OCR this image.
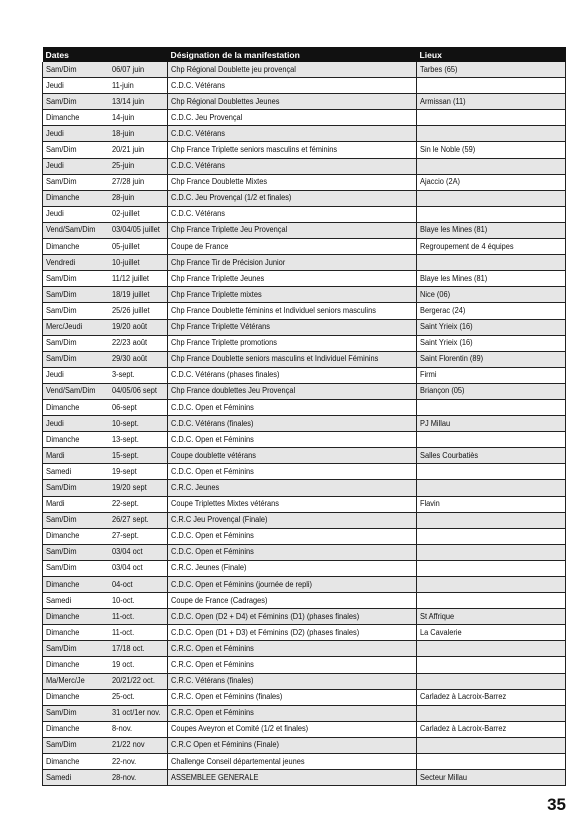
Dates		Désignation de la manifestation	Lieux
Sam/Dim	06/07 juin	Chp Régional Doublette jeu provençal	Tarbes (65)
Jeudi	11-juin	C.D.C. Vétérans	
Sam/Dim	13/14 juin	Chp Régional Doublettes Jeunes	Armissan (11)
Dimanche	14-juin	C.D.C. Jeu Provençal	
Jeudi	18-juin	C.D.C. Vétérans	
Sam/Dim	20/21 juin	Chp France Triplette seniors masculins et féminins	Sin le Noble (59)
Jeudi	25-juin	C.D.C. Vétérans	
Sam/Dim	27/28 juin	Chp France Doublette Mixtes	Ajaccio (2A)
Dimanche	28-juin	C.D.C. Jeu Provençal (1/2 et finales)	
Jeudi	02-juillet	C.D.C. Vétérans	
Vend/Sam/Dim	03/04/05 juillet	Chp France Triplette Jeu Provençal	Blaye les Mines (81)
Dimanche	05-juillet	Coupe de France	Regroupement de 4 équipes
Vendredi	10-juillet	Chp France Tir de Précision Junior	
Sam/Dim	11/12 juillet	Chp France Triplette Jeunes	Blaye les Mines (81)
Sam/Dim	18/19 juillet	Chp France Triplette mixtes	Nice (06)
Sam/Dim	25/26 juillet	Chp France Doublette féminins et Individuel seniors masculins	Bergerac (24)
Merc/Jeudi	19/20 août	Chp France Triplette Vétérans	Saint Yrieix (16)
Sam/Dim	22/23 août	Chp France Triplette promotions	Saint Yrieix (16)
Sam/Dim	29/30 août	Chp France Doublette seniors masculins et Individuel Féminins	Saint Florentin (89)
Jeudi	3-sept.	C.D.C. Vétérans (phases finales)	Firmi
Vend/Sam/Dim	04/05/06 sept	Chp France doublettes Jeu Provençal	Briançon (05)
Dimanche	06-sept	C.D.C. Open et Féminins	
Jeudi	10-sept.	C.D.C. Vétérans (finales)	PJ Millau
Dimanche	13-sept.	C.D.C. Open et Féminins	
Mardi	15-sept.	Coupe doublette vétérans	Salles Courbatiès
Samedi	19-sept	C.D.C. Open et Féminins	
Sam/Dim	19/20 sept	C.R.C. Jeunes	
Mardi	22-sept.	Coupe Triplettes Mixtes vétérans	Flavin
Sam/Dim	26/27 sept.	C.R.C Jeu Provençal (Finale)	
Dimanche	27-sept.	C.D.C. Open et Féminins	
Sam/Dim	03/04 oct	C.D.C. Open et Féminins	
Sam/Dim	03/04 oct	C.R.C. Jeunes (Finale)	
Dimanche	04-oct	C.D.C. Open et Féminins (journée de repli)	
Samedi	10-oct.	Coupe de France (Cadrages)	
Dimanche	11-oct.	C.D.C. Open (D2 + D4) et Féminins (D1) (phases finales)	St Affrique
Dimanche	11-oct.	C.D.C. Open (D1 + D3) et Féminins (D2) (phases finales)	La Cavalerie
Sam/Dim	17/18 oct.	C.R.C. Open et Féminins	
Dimanche	19 oct.	C.R.C. Open et Féminins	
Ma/Merc/Je	20/21/22 oct.	C.R.C. Vétérans (finales)	
Dimanche	25-oct.	C.R.C. Open et Féminins (finales)	Carladez à Lacroix-Barrez
Sam/Dim	31 oct/1er nov.	C.R.C. Open et Féminins	
Dimanche	8-nov.	Coupes Aveyron et Comité (1/2 et finales)	Carladez à Lacroix-Barrez
Sam/Dim	21/22 nov	C.R.C Open et Féminins (Finale)	
Dimanche	22-nov.	Challenge Conseil départemental jeunes	
Samedi	28-nov.	ASSEMBLEE GENERALE	Secteur Millau
35
